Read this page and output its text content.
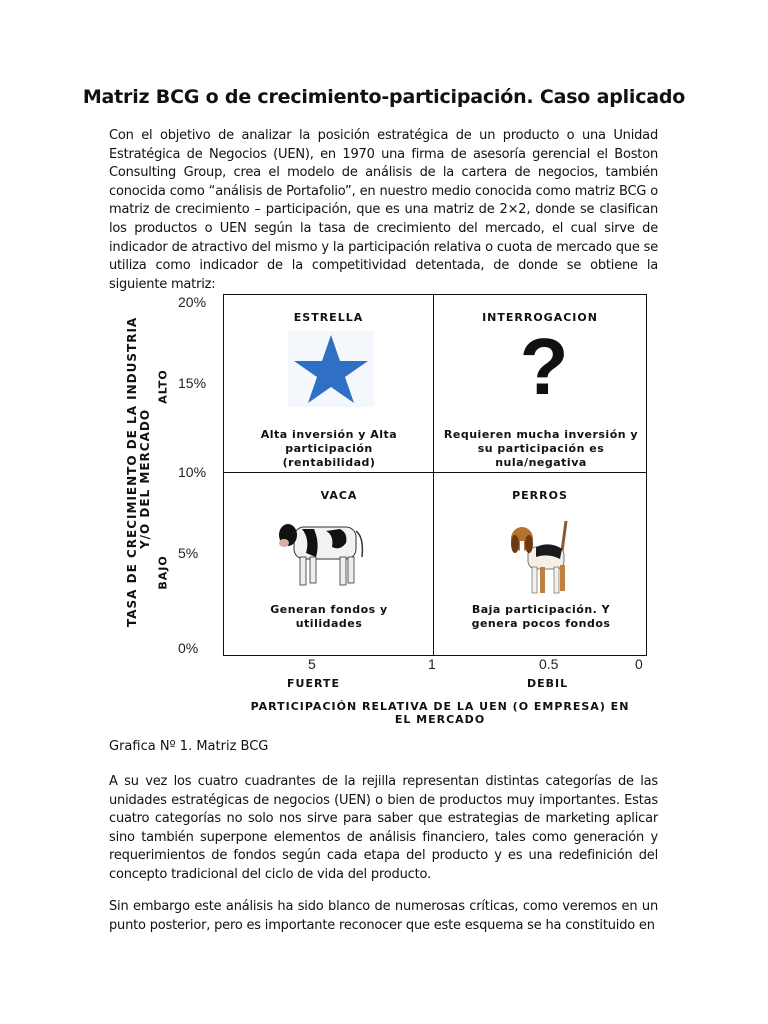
Matriz BCG o de crecimiento-participación. Caso aplicado
Con el objetivo de analizar la posición estratégica de un producto o una Unidad Estratégica de Negocios (UEN), en 1970 una firma de asesoría gerencial el Boston Consulting Group, crea el modelo de análisis de la cartera de negocios, también conocida como “análisis de Portafolio”, en nuestro medio conocida como matriz BCG o matriz de crecimiento – participación, que es una matriz de 2×2, donde se clasifican los productos o UEN según la tasa de crecimiento del mercado, el cual sirve de indicador de atractivo del mismo y la participación relativa o cuota de mercado que se utiliza como indicador de la competitividad detentada, de donde se obtiene la siguiente matriz:
TASA DE CRECIMIENTO DE LA INDUSTRIA Y/O DEL MERCADO
ALTO
BAJO
20%
15%
10%
5%
0%
ESTRELLA
Alta inversión y Alta
participación
(rentabilidad)
INTERROGACION
?
Requieren mucha inversión y
su participación es
nula/negativa
VACA
Generan fondos y
utilidades
PERROS
Baja participación. Y
genera pocos fondos
5	1	0.5	0
FUERTE	DEBIL
PARTICIPACIÓN RELATIVA DE LA UEN (O EMPRESA) EN
EL MERCADO
Grafica Nº 1. Matriz BCG
A su vez los cuatro cuadrantes de la rejilla representan distintas categorías de las unidades estratégicas de negocios (UEN) o bien de productos muy importantes. Estas cuatro categorías no solo nos sirve para saber que estrategias de marketing aplicar sino también superpone elementos de análisis financiero, tales como generación y requerimientos de fondos según cada etapa del producto y es una redefinición del concepto tradicional del ciclo de vida del producto.
Sin embargo este análisis ha sido blanco de numerosas críticas, como veremos en un punto posterior, pero es importante reconocer que este esquema se ha constituido en
